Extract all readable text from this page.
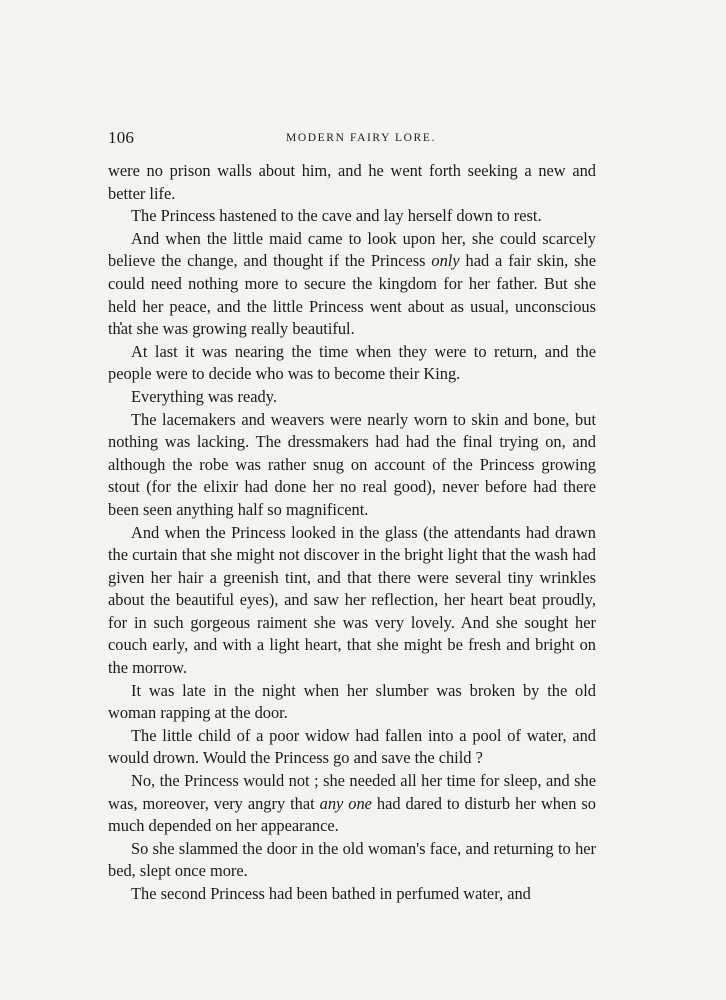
106	MODERN FAIRY LORE.

were no prison walls about him, and he went forth seeking a new and better life.

The Princess hastened to the cave and lay herself down to rest.

And when the little maid came to look upon her, she could scarcely believe the change, and thought if the Princess only had a fair skin, she could need nothing more to secure the kingdom for her father. But she held her peace, and the little Princess went about as usual, unconscious that she was growing really beautiful.

At last it was nearing the time when they were to return, and the people were to decide who was to become their King.

Everything was ready.

The lacemakers and weavers were nearly worn to skin and bone, but nothing was lacking. The dressmakers had had the final trying on, and although the robe was rather snug on account of the Princess growing stout (for the elixir had done her no real good), never before had there been seen anything half so magnificent.

And when the Princess looked in the glass (the attendants had drawn the curtain that she might not discover in the bright light that the wash had given her hair a greenish tint, and that there were several tiny wrinkles about the beautiful eyes), and saw her reflection, her heart beat proudly, for in such gorgeous raiment she was very lovely. And she sought her couch early, and with a light heart, that she might be fresh and bright on the morrow.

It was late in the night when her slumber was broken by the old woman rapping at the door.

The little child of a poor widow had fallen into a pool of water, and would drown. Would the Princess go and save the child ?

No, the Princess would not ; she needed all her time for sleep, and she was, moreover, very angry that any one had dared to disturb her when so much depended on her appearance.

So she slammed the door in the old woman's face, and returning to her bed, slept once more.

The second Princess had been bathed in perfumed water, and
